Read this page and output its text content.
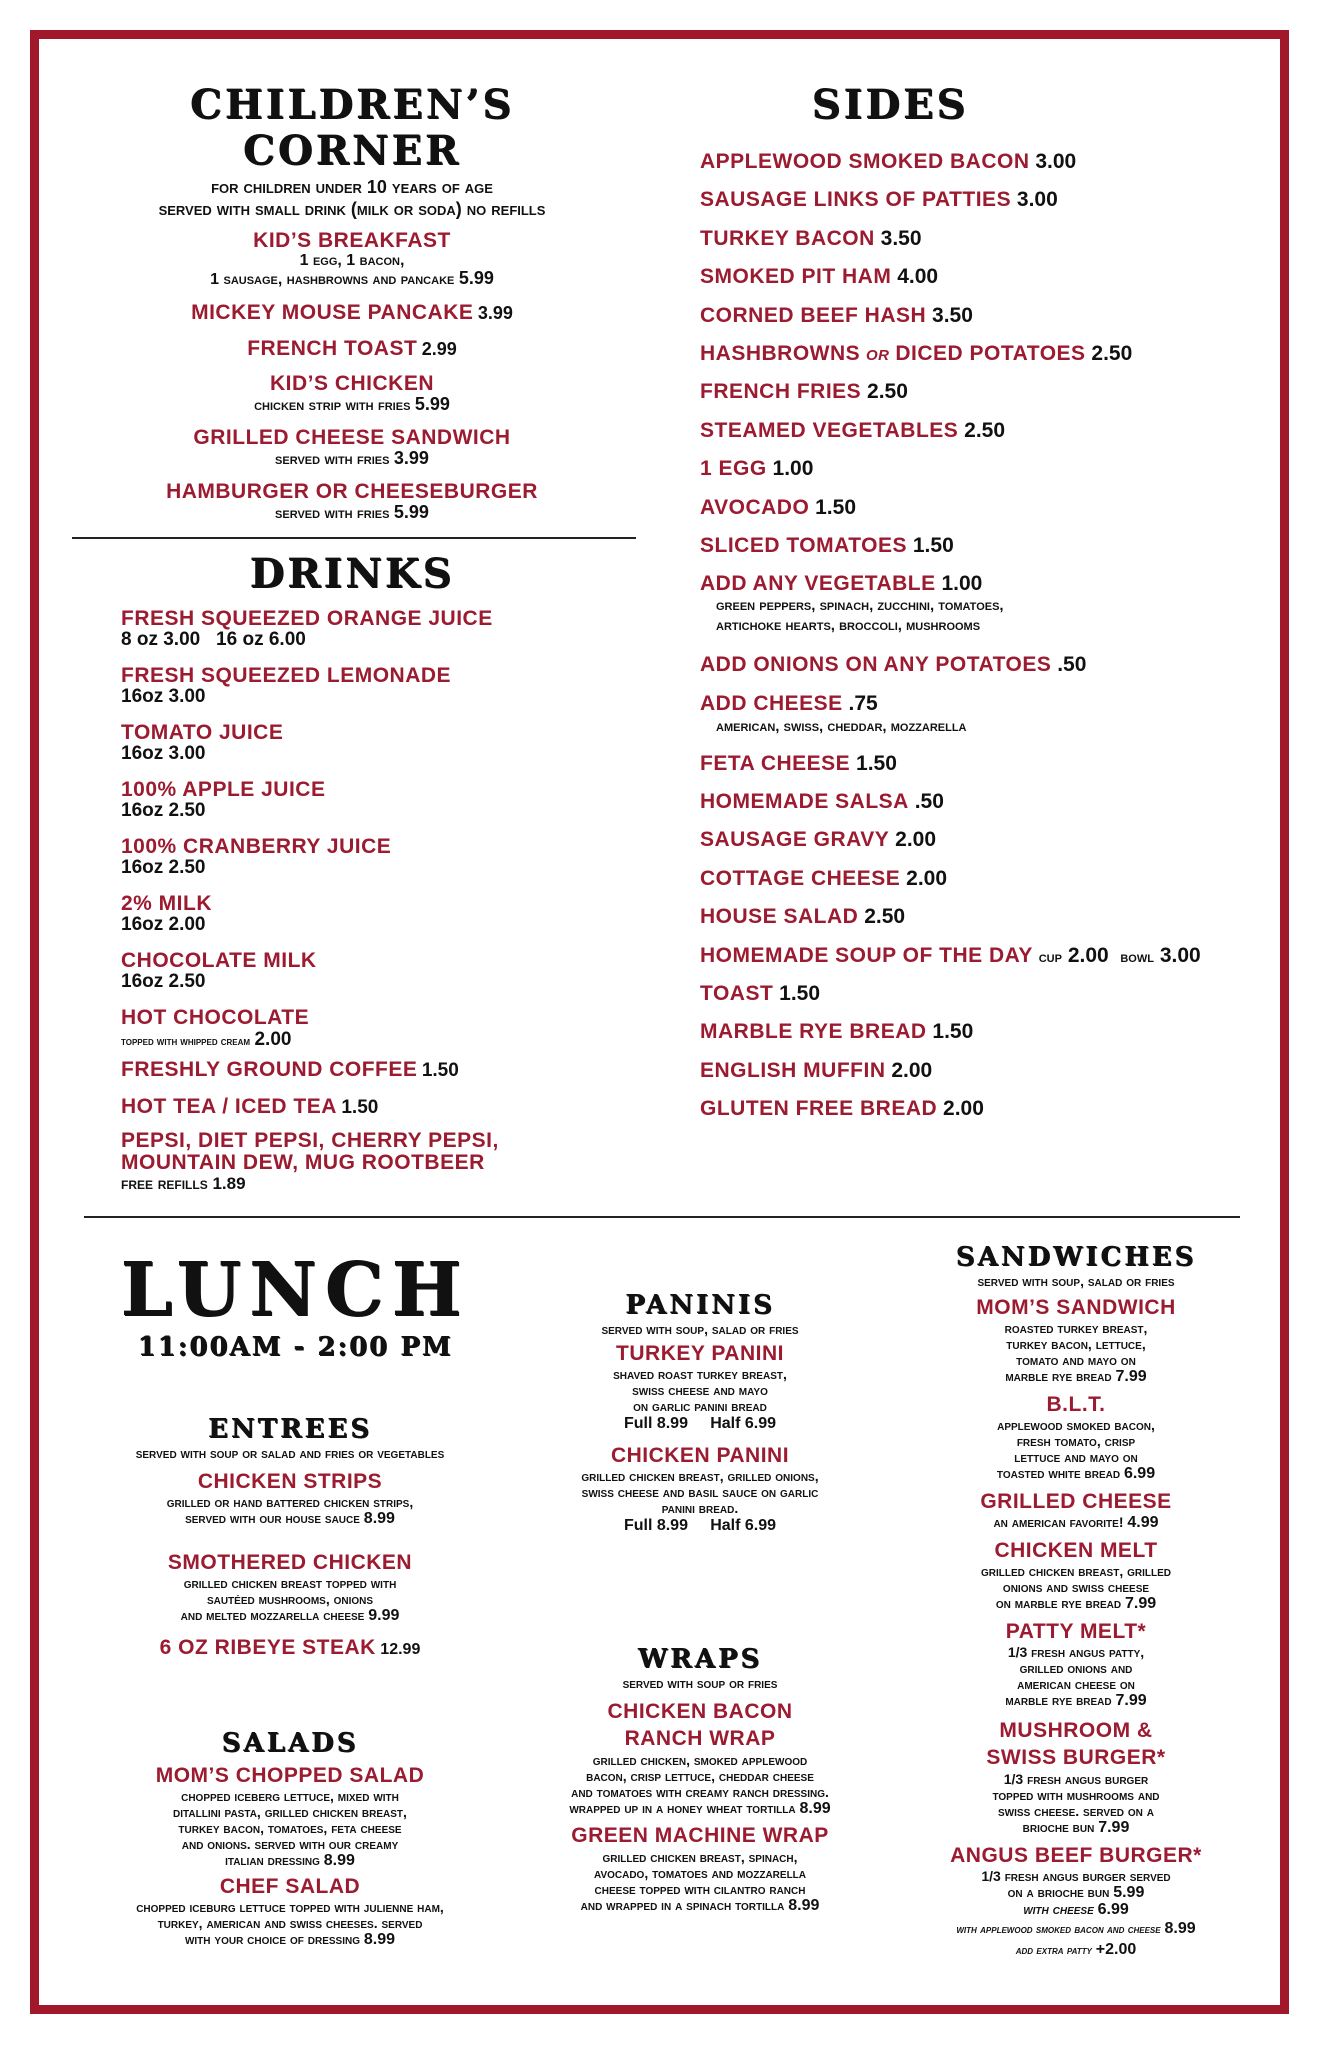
CHILDREN’S
CORNER
for children under 10 years of age
served with small drink (milk or soda) no refills
KID’S BREAKFAST
1 egg, 1 bacon,
1 sausage, hashbrowns and pancake 5.99
MICKEY MOUSE PANCAKE 3.99
FRENCH TOAST 2.99
KID’S CHICKEN
chicken strip with fries 5.99
GRILLED CHEESE SANDWICH
served with fries 3.99
HAMBURGER OR CHEESEBURGER
served with fries 5.99
DRINKS
FRESH SQUEEZED ORANGE JUICE
8 oz 3.00   16 oz 6.00
FRESH SQUEEZED LEMONADE
16oz 3.00
TOMATO JUICE
16oz 3.00
100% APPLE JUICE
16oz 2.50
100% CRANBERRY JUICE
16oz 2.50
2% MILK
16oz 2.00
CHOCOLATE MILK
16oz 2.50
HOT CHOCOLATE
topped with whipped cream 2.00
FRESHLY GROUND COFFEE 1.50
HOT TEA / ICED TEA 1.50
PEPSI, DIET PEPSI, CHERRY PEPSI,
MOUNTAIN DEW, MUG ROOTBEER
free refills 1.89
SIDES
APPLEWOOD SMOKED BACON 3.00
SAUSAGE LINKS OF PATTIES 3.00
TURKEY BACON 3.50
SMOKED PIT HAM 4.00
CORNED BEEF HASH 3.50
HASHBROWNS OR DICED POTATOES 2.50
FRENCH FRIES 2.50
STEAMED VEGETABLES 2.50
1 EGG 1.00
AVOCADO 1.50
SLICED TOMATOES 1.50
ADD ANY VEGETABLE 1.00
green peppers, spinach, zucchini, tomatoes,
artichoke hearts, broccoli, mushrooms
ADD ONIONS ON ANY POTATOES .50
ADD CHEESE .75
american, swiss, cheddar, mozzarella
FETA CHEESE 1.50
HOMEMADE SALSA .50
SAUSAGE GRAVY 2.00
COTTAGE CHEESE 2.00
HOUSE SALAD 2.50
HOMEMADE SOUP OF THE DAY cup 2.00 bowl 3.00
TOAST 1.50
MARBLE RYE BREAD 1.50
ENGLISH MUFFIN 2.00
GLUTEN FREE BREAD 2.00
LUNCH
11:00AM - 2:00 PM
ENTREES
served with soup or salad and fries or vegetables
CHICKEN STRIPS
grilled or hand battered chicken strips,
served with our house sauce 8.99
SMOTHERED CHICKEN
grilled chicken breast topped with
sautéed mushrooms, onions
and melted mozzarella cheese 9.99
6 OZ RIBEYE STEAK 12.99
SALADS
MOM’S CHOPPED SALAD
chopped iceberg lettuce, mixed with
ditallini pasta, grilled chicken breast,
turkey bacon, tomatoes, feta cheese
and onions. served with our creamy
italian dressing 8.99
CHEF SALAD
chopped iceburg lettuce topped with julienne ham,
turkey, american and swiss cheeses. served
with your choice of dressing 8.99
PANINIS
served with soup, salad or fries
TURKEY PANINI
shaved roast turkey breast,
swiss cheese and mayo
on garlic panini bread
Full 8.99 Half 6.99
CHICKEN PANINI
grilled chicken breast, grilled onions,
swiss cheese and basil sauce on garlic
panini bread.
Full 8.99 Half 6.99
WRAPS
served with soup or fries
CHICKEN BACON
RANCH WRAP
grilled chicken, smoked applewood
bacon, crisp lettuce, cheddar cheese
and tomatoes with creamy ranch dressing.
wrapped up in a honey wheat tortilla 8.99
GREEN MACHINE WRAP
grilled chicken breast, spinach,
avocado, tomatoes and mozzarella
cheese topped with cilantro ranch
and wrapped in a spinach tortilla 8.99
SANDWICHES
served with soup, salad or fries
MOM’S SANDWICH
roasted turkey breast,
turkey bacon, lettuce,
tomato and mayo on
marble rye bread 7.99
B.L.T.
applewood smoked bacon,
fresh tomato, crisp
lettuce and mayo on
toasted white bread 6.99
GRILLED CHEESE
an american favorite! 4.99
CHICKEN MELT
grilled chicken breast, grilled
onions and swiss cheese
on marble rye bread 7.99
PATTY MELT*
1/3 fresh angus patty,
grilled onions and
american cheese on
marble rye bread 7.99
MUSHROOM &
SWISS BURGER*
1/3 fresh angus burger
topped with mushrooms and
swiss cheese. served on a
brioche bun 7.99
ANGUS BEEF BURGER*
1/3 fresh angus burger served
on a brioche bun 5.99
with cheese 6.99
with applewood smoked bacon and cheese 8.99
add extra patty +2.00
